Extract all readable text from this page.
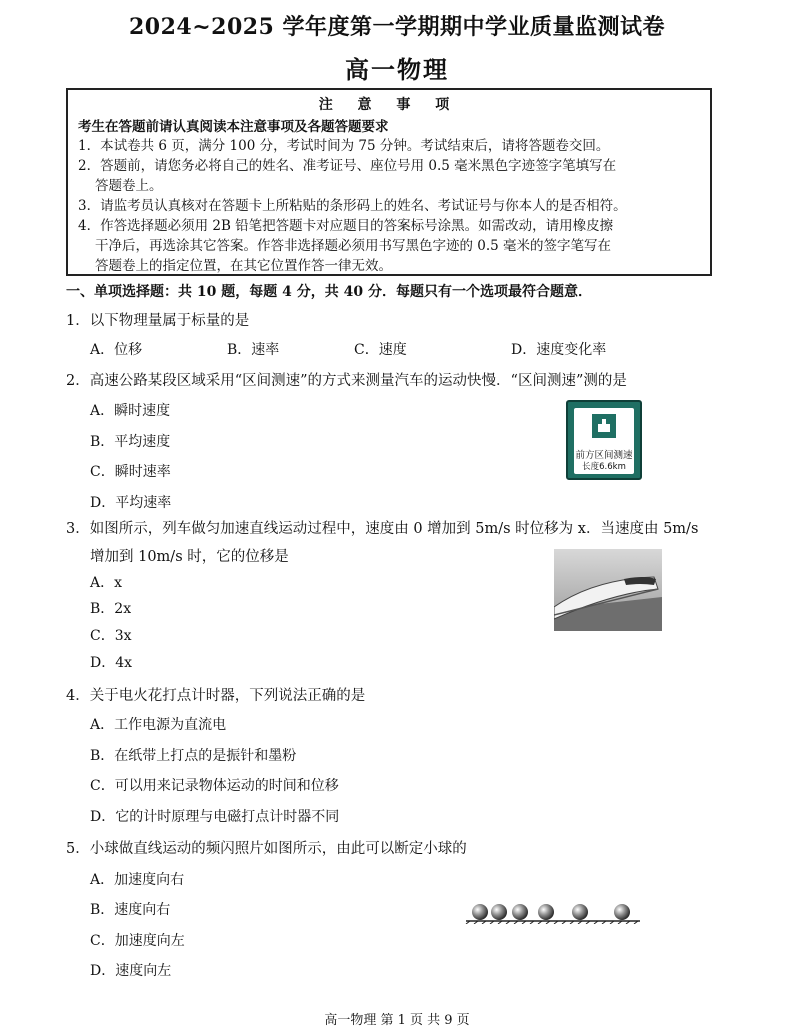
2024~2025 学年度第一学期期中学业质量监测试卷
高一物理
注 意 事 项
考生在答题前请认真阅读本注意事项及各题答题要求
1．本试卷共 6 页，满分 100 分，考试时间为 75 分钟。考试结束后，请将答题卷交回。
2．答题前，请您务必将自己的姓名、准考证号、座位号用 0.5 毫米黑色字迹签字笔填写在
答题卷上。
3．请监考员认真核对在答题卡上所粘贴的条形码上的姓名、考试证号与你本人的是否相符。
4．作答选择题必须用 2B 铅笔把答题卡对应题目的答案标号涂黑。如需改动，请用橡皮擦
干净后，再选涂其它答案。作答非选择题必须用书写黑色字迹的 0.5 毫米的签字笔写在
答题卷上的指定位置，在其它位置作答一律无效。
一、单项选择题：共 10 题，每题 4 分，共 40 分．每题只有一个选项最符合题意．
1．以下物理量属于标量的是
A．位移	B．速率	C．速度	D．速度变化率
2．高速公路某段区域采用“区间测速”的方式来测量汽车的运动快慢．“区间测速”测的是
A．瞬时速度
B．平均速度
C．瞬时速率
D．平均速率
前方区间测速
长度6.6km
3．如图所示，列车做匀加速直线运动过程中，速度由 0 增加到 5m/s 时位移为 x．当速度由 5m/s
增加到 10m/s 时，它的位移是
A．x
B．2x
C．3x
D．4x
4．关于电火花打点计时器，下列说法正确的是
A．工作电源为直流电
B．在纸带上打点的是振针和墨粉
C．可以用来记录物体运动的时间和位移
D．它的计时原理与电磁打点计时器不同
5．小球做直线运动的频闪照片如图所示，由此可以断定小球的
A．加速度向右
B．速度向右
C．加速度向左
D．速度向左
高一物理 第 1 页 共 9 页
